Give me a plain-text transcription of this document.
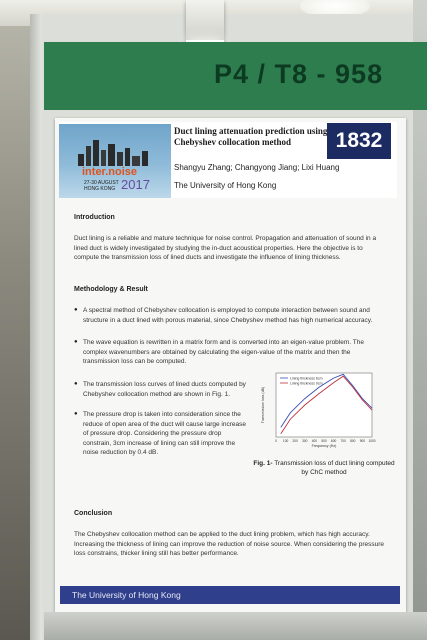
P4 / T8 - 958
inter.noise
27-30 AUGUST
HONG KONG 2017
Duct lining attenuation prediction using Chebyshev collocation method
Shangyu Zhang; Changyong Jiang; Lixi Huang
The University of Hong Kong
1832
Introduction
Duct lining is a reliable and mature technique for noise control. Propagation and attenuation of sound in a lined duct is widely investigated by studying the in-duct acoustical properties. Here the objective is to compute the transmission loss of lined ducts and investigate the influence of lining thickness.
Methodology & Result
● A spectral method of Chebyshev collocation is employed to compute interaction between sound and structure in a duct lined with porous material, since Chebyshev method has high numerical accuracy.
● The wave equation is rewritten in a matrix form and is converted into an eigen-value problem. The complex wavenumbers are obtained by calculating the eigen-value of the matrix and then the transmission loss can be computed.
● The transmission loss curves of lined ducts computed by Chebyshev collocation method are shown in Fig. 1.
● The pressure drop is taken into consideration since the reduce of open area of the duct will cause large increase of pressure drop. Considering the pressure drop constrain, 3cm increase of lining can still improve the noise reduction by 0.4 dB.
Lining thickness 6cm
Lining thickness 9cm
0 100 200 300 400 500 600 700 800 900 1000
Frequency (Hz)
Transmission loss (dB)
Fig. 1- Transmission loss of duct lining computed by ChC method
Conclusion
The Chebyshev collocation method can be applied to the duct lining problem, which has high accuracy. Increasing the thickness of lining can improve the reduction of noise source. When considering the pressure loss constrains, thicker lining still has better performance.
The University of Hong Kong
